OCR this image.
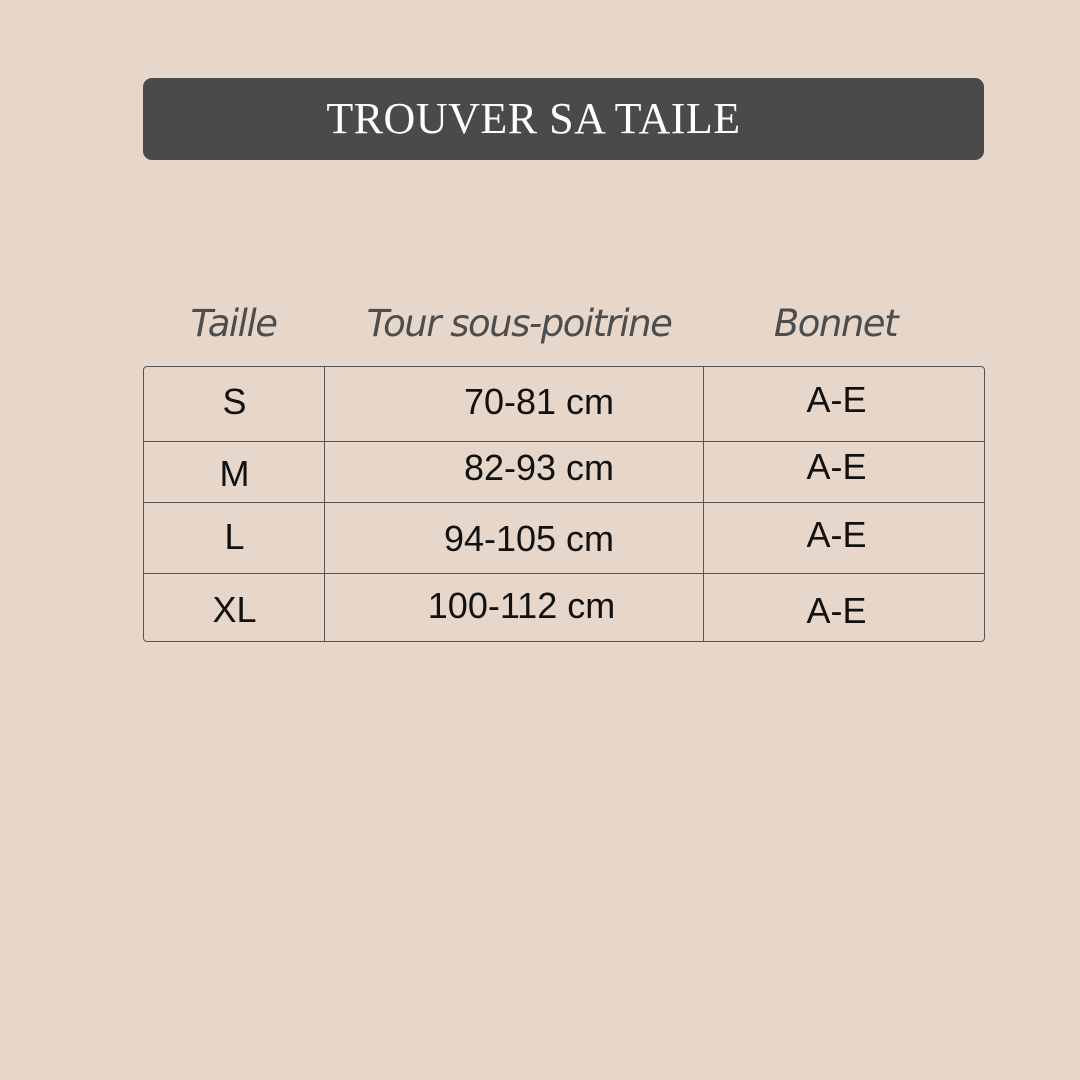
TROUVER SA TAILE
Taille	Tour sous-poitrine	Bonnet
S	70-81 cm	A-E
M	82-93 cm	A-E
L	94-105 cm	A-E
XL	100-112 cm	A-E
